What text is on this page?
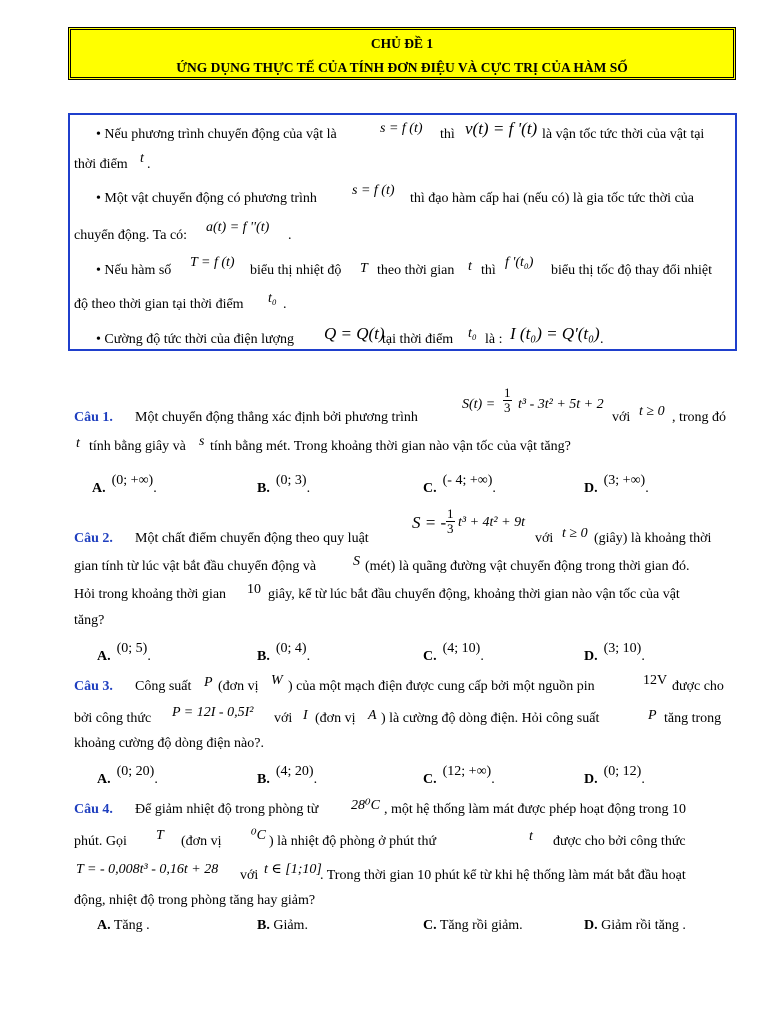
CHỦ ĐỀ 1
ỨNG DỤNG THỰC TẾ CỦA TÍNH ĐƠN ĐIỆU VÀ CỰC TRỊ CỦA HÀM SỐ
• Nếu phương trình chuyển động của vật là	s = f (t) thì v(t) = f '(t) là vận tốc tức thời của vật tại
thời điểm t .
• Một vật chuyển động có phương trình
s = f (t)
thì đạo hàm cấp hai (nếu có) là gia tốc tức thời của
chuyển động. Ta có:
a(t) = f ''(t)
.
• Nếu hàm số
T = f (t)
biểu thị nhiệt độ T theo thời gian t thì
f '(t₀)
biểu thị tốc độ thay đổi nhiệt
độ theo thời gian tại thời điểm t₀ .
• Cường độ tức thời của điện lượng Q = Q(t)
tại thời điểm t₀ là : I (t₀) = Q'(t₀) .
Câu 1. Một chuyển động thẳng xác định bởi phương trình
$S(t) = \frac{1}{3} t^3 - 3t^2 + 5t + 2$
với t ≥ 0 , trong đó
t tính bằng giây và s tính bằng mét. Trong khoảng thời gian nào vận tốc của vật tăng?
A.(0; +∞).	B.(0; 3).	C.(- 4; +∞).	D.(3; +∞).
Câu 2. Một chất điểm chuyển động theo quy luật
S = - $\frac{1}{3} t^3 + 4t^2 + 9t$
với t ≥ 0 (giây) là khoảng thời
gian tính từ lúc vật bắt đầu chuyển động và	S (mét) là quãng đường vật chuyển động trong thời gian đó.
Hỏi trong khoảng thời gian 10 giây, kể từ lúc bắt đầu chuyển động, khoảng thời gian nào vận tốc của vật
tăng?
A.(0; 5).	B.(0; 4).	C.(4; 10).	D.(3; 10).
Câu 3. Công suất P (đơn vị W ) của một mạch điện được cung cấp bởi một nguồn pin	12V được cho
bởi công thức P = 12I - 0,5I² với I (đơn vị A ) là cường độ dòng điện. Hỏi công suất	P tăng trong
khoảng cường độ dòng điện nào?.
A.(0; 20).	B.(4; 20).	C.(12; +∞).	D.(0; 12).
Câu 4. Để giảm nhiệt độ trong phòng từ 28⁰C , một hệ thống làm mát được phép hoạt động trong 10
phút. Gọi T (đơn vị ⁰C ) là nhiệt độ phòng ở phút thứ	t được cho bởi công thức
T = - 0,008t³ - 0,16t + 28 với t ∈ [1;10]
. Trong thời gian 10 phút kể từ khi hệ thống làm mát bắt đầu hoạt
động, nhiệt độ trong phòng tăng hay giảm?
A. Tăng .	B. Giảm.	C. Tăng rồi giảm.	D. Giảm rồi tăng .
